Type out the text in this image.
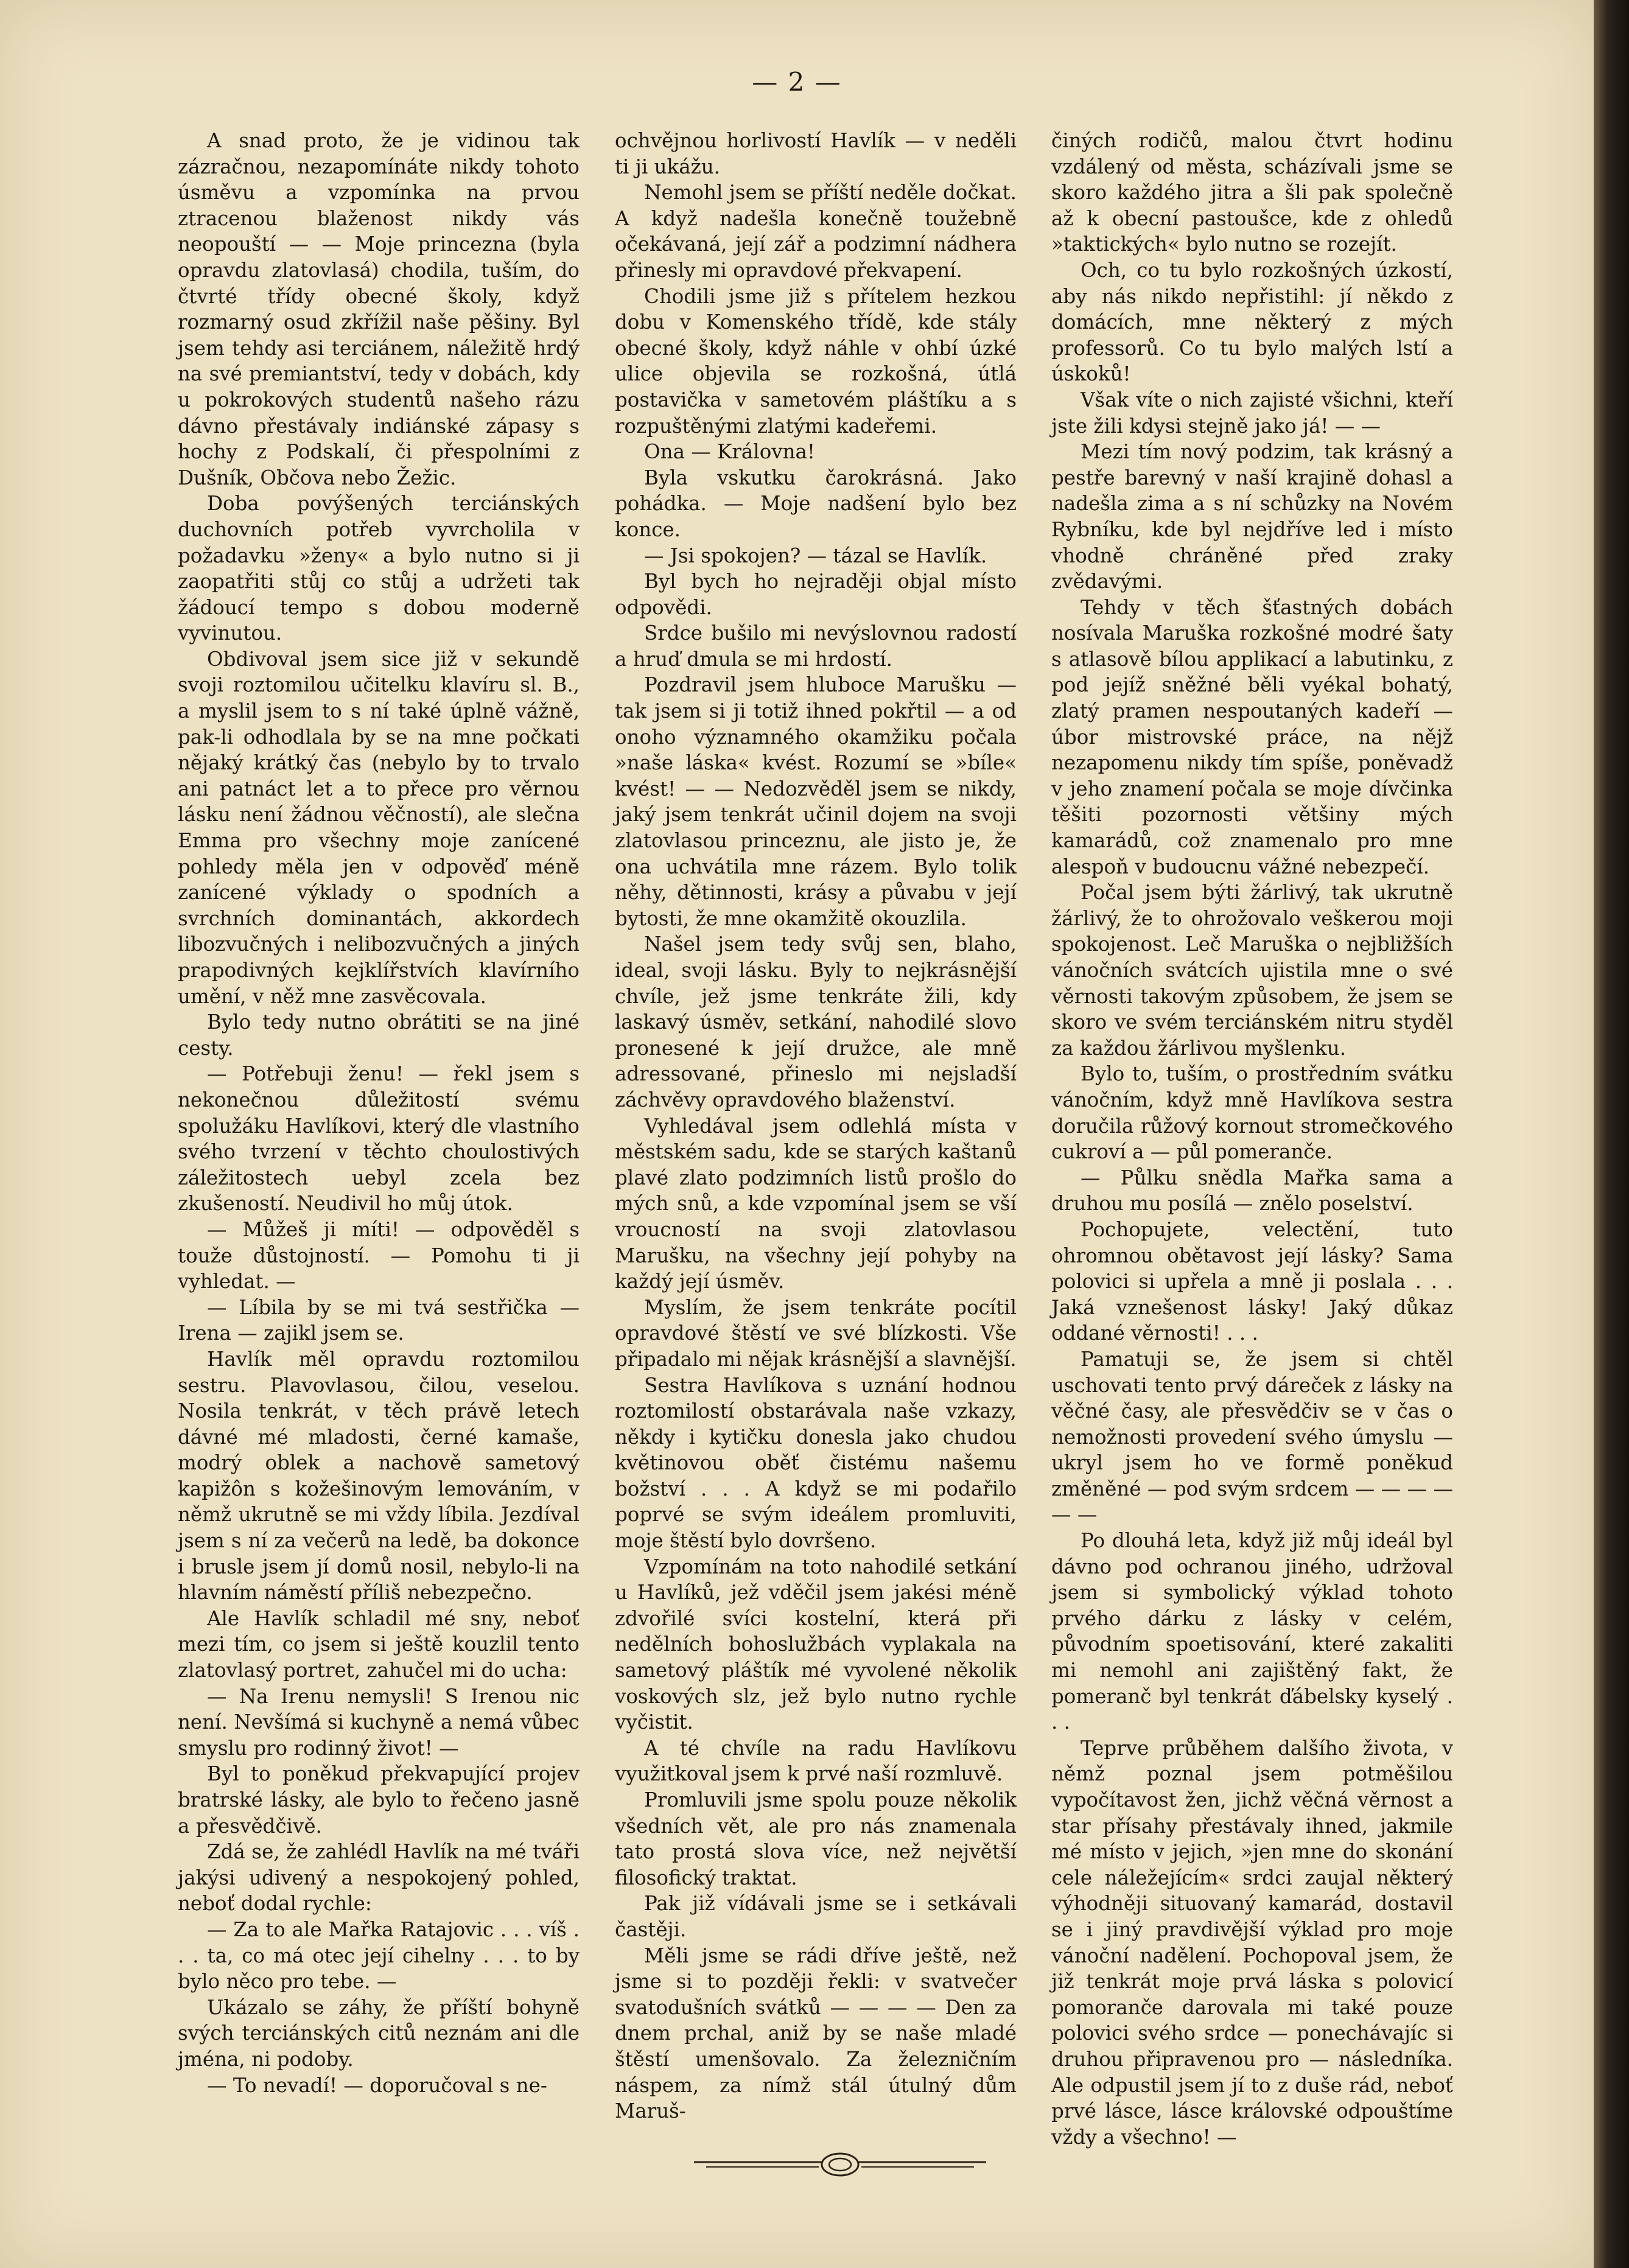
— 2 —

A snad proto, že je vidinou tak zázračnou, nezapomínáte nikdy tohoto úsměvu a vzpomínka na prvou ztracenou blaženost nikdy vás neopouští — — Moje princezna (byla opravdu zlatovlasá) chodila, tuším, do čtvrté třídy obecné školy, když rozmarný osud zkřížil naše pěšiny. Byl jsem tehdy asi terciánem, náležitě hrdý na své premiantství, tedy v dobách, kdy u pokrokových studentů našeho rázu dávno přestávaly indiánské zápasy s hochy z Podskalí, či přespolními z Dušník, Občova nebo Žežic.

Doba povýšených terciánských duchovních potřeb vyvrcholila v požadavku »ženy« a bylo nutno si ji zaopatřiti stůj co stůj a udržeti tak žádoucí tempo s dobou moderně vyvinutou.

Obdivoval jsem sice již v sekundě svoji roztomilou učitelku klavíru sl. B., a myslil jsem to s ní také úplně vážně, pak-li odhodlala by se na mne počkati nějaký krátký čas (nebylo by to trvalo ani patnáct let a to přece pro věrnou lásku není žádnou věčností), ale slečna Emma pro všechny moje zanícené pohledy měla jen v odpověď méně zanícené výklady o spodních a svrchních dominantách, akkordech libozvučných i nelibozvučných a jiných prapodivných kejklířstvích klavírního umění, v něž mne zasvěcovala.

Bylo tedy nutno obrátiti se na jiné cesty.

— Potřebuji ženu! — řekl jsem s nekonečnou důležitostí svému spolužáku Havlíkovi, který dle vlastního svého tvrzení v těchto choulostivých záležitostech uebyl zcela bez zkušeností. Neudivil ho můj útok.

— Můžeš ji míti! — odpověděl s touže důstojností. — Pomohu ti ji vyhledat. —

— Líbila by se mi tvá sestřička — Irena — zajikl jsem se.

Havlík měl opravdu roztomilou sestru. Plavovlasou, čilou, veselou. Nosila tenkrát, v těch právě letech dávné mé mladosti, černé kamaše, modrý oblek a nachově sametový kapižôn s kožešinovým lemováním, v němž ukrutně se mi vždy líbila. Jezdíval jsem s ní za večerů na ledě, ba dokonce i brusle jsem jí domů nosil, nebylo-li na hlavním náměstí příliš nebezpečno.

Ale Havlík schladil mé sny, neboť mezi tím, co jsem si ještě kouzlil tento zlatovlasý portret, zahučel mi do ucha:

— Na Irenu nemysli! S Irenou nic není. Nevšímá si kuchyně a nemá vůbec smyslu pro rodinný život! —

Byl to poněkud překvapující projev bratrské lásky, ale bylo to řečeno jasně a přesvědčivě.

Zdá se, že zahlédl Havlík na mé tváři jakýsi udivený a nespokojený pohled, neboť dodal rychle:

— Za to ale Mařka Ratajovic . . . víš . . . ta, co má otec její cihelny . . . to by bylo něco pro tebe. —

Ukázalo se záhy, že příští bohyně svých terciánských citů neznám ani dle jména, ni podoby.

— To nevadí! — doporučoval s ne-

ochvějnou horlivostí Havlík — v neděli ti ji ukážu.

Nemohl jsem se příští neděle dočkat. A když nadešla konečně toužebně očekávaná, její zář a podzimní nádhera přinesly mi opravdové překvapení.

Chodili jsme již s přítelem hezkou dobu v Komenského třídě, kde stály obecné školy, když náhle v ohbí úzké ulice objevila se rozkošná, útlá postavička v sametovém pláštíku a s rozpuštěnými zlatými kadeřemi.

Ona — Královna!

Byla vskutku čarokrásná. Jako pohádka. — Moje nadšení bylo bez konce.

— Jsi spokojen? — tázal se Havlík.

Byl bych ho nejraději objal místo odpovědi.

Srdce bušilo mi nevýslovnou radostí a hruď dmula se mi hrdostí.

Pozdravil jsem hluboce Marušku — tak jsem si ji totiž ihned pokřtil — a od onoho významného okamžiku počala »naše láska« kvést. Rozumí se »bíle« kvést! — — Nedozvěděl jsem se nikdy, jaký jsem tenkrát učinil dojem na svoji zlatovlasou princeznu, ale jisto je, že ona uchvátila mne rázem. Bylo tolik něhy, dětinnosti, krásy a půvabu v její bytosti, že mne okamžitě okouzlila.

Našel jsem tedy svůj sen, blaho, ideal, svoji lásku. Byly to nejkrásnější chvíle, jež jsme tenkráte žili, kdy laskavý úsměv, setkání, nahodilé slovo pronesené k její družce, ale mně adressované, přineslo mi nejsladší záchvěvy opravdového blaženství.

Vyhledával jsem odlehlá místa v městském sadu, kde se starých kaštanů plavé zlato podzimních listů prošlo do mých snů, a kde vzpomínal jsem se vší vroucností na svoji zlatovlasou Marušku, na všechny její pohyby na každý její úsměv.

Myslím, že jsem tenkráte pocítil opravdové štěstí ve své blízkosti. Vše připadalo mi nějak krásnější a slavnější.

Sestra Havlíkova s uznání hodnou roztomilostí obstarávala naše vzkazy, někdy i kytičku donesla jako chudou květinovou oběť čistému našemu božství . . . A když se mi podařilo poprvé se svým ideálem promluviti, moje štěstí bylo dovršeno.

Vzpomínám na toto nahodilé setkání u Havlíků, jež vděčil jsem jakési méně zdvořilé svíci kostelní, která při nedělních bohoslužbách vyplakala na sametový pláštík mé vyvolené několik voskových slz, jež bylo nutno rychle vyčistit.

A té chvíle na radu Havlíkovu využitkoval jsem k prvé naší rozmluvě.

Promluvili jsme spolu pouze několik všedních vět, ale pro nás znamenala tato prostá slova více, než největší filosofický traktat.

Pak již vídávali jsme se i setkávali častěji.

Měli jsme se rádi dříve ještě, než jsme si to později řekli: v svatvečer svatodušních svátků — — — — Den za dnem prchal, aniž by se naše mladé štěstí umenšovalo. Za železničním náspem, za nímž stál útulný dům Maruš-

činých rodičů, malou čtvrt hodinu vzdálený od města, scházívali jsme se skoro každého jitra a šli pak společně až k obecní pastoušce, kde z ohledů »taktických« bylo nutno se rozejít.

Och, co tu bylo rozkošných úzkostí, aby nás nikdo nepřistihl: jí někdo z domácích, mne některý z mých professorů. Co tu bylo malých lstí a úskoků!

Však víte o nich zajisté všichni, kteří jste žili kdysi stejně jako já! — —

Mezi tím nový podzim, tak krásný a pestře barevný v naší krajině dohasl a nadešla zima a s ní schůzky na Novém Rybníku, kde byl nejdříve led i místo vhodně chráněné před zraky zvědavými.

Tehdy v těch šťastných dobách nosívala Maruška rozkošné modré šaty s atlasově bílou applikací a labutinku, z pod jejíž sněžné běli vyékal bohatý, zlatý pramen nespoutaných kadeří — úbor mistrovské práce, na nějž nezapomenu nikdy tím spíše, poněvadž v jeho znamení počala se moje dívčinka těšiti pozornosti většiny mých kamarádů, což znamenalo pro mne alespoň v budoucnu vážné nebezpečí.

Počal jsem býti žárlivý, tak ukrutně žárlivý, že to ohrožovalo veškerou moji spokojenost. Leč Maruška o nejbližších vánočních svátcích ujistila mne o své věrnosti takovým způsobem, že jsem se skoro ve svém terciánském nitru styděl za každou žárlivou myšlenku.

Bylo to, tuším, o prostředním svátku vánočním, když mně Havlíkova sestra doručila růžový kornout stromečkového cukroví a — půl pomeranče.

— Půlku snědla Mařka sama a druhou mu posílá — znělo poselství.

Pochopujete, velectění, tuto ohromnou obětavost její lásky? Sama polovici si upřela a mně ji poslala . . . Jaká vznešenost lásky! Jaký důkaz oddané věrnosti! . . .

Pamatuji se, že jsem si chtěl uschovati tento prvý dáreček z lásky na věčné časy, ale přesvědčiv se v čas o nemožnosti provedení svého úmyslu — ukryl jsem ho ve formě poněkud změněné — pod svým srdcem — — — — — —

Po dlouhá leta, když již můj ideál byl dávno pod ochranou jiného, udržoval jsem si symbolický výklad tohoto prvého dárku z lásky v celém, původním spoetisování, které zakaliti mi nemohl ani zajištěný fakt, že pomeranč byl tenkrát ďábelsky kyselý . . .

Teprve průběhem dalšího života, v němž poznal jsem potměšilou vypočítavost žen, jichž věčná věrnost a star přísahy přestávaly ihned, jakmile mé místo v jejich, »jen mne do skonání cele náležejícím« srdci zaujal některý výhodněji situovaný kamarád, dostavil se i jiný pravdivější výklad pro moje vánoční nadělení. Pochopoval jsem, že již tenkrát moje prvá láska s polovicí pomoranče darovala mi také pouze polovici svého srdce — ponechávajíc si druhou připravenou pro — následníka. Ale odpustil jsem jí to z duše rád, neboť prvé lásce, lásce královské odpouštíme vždy a všechno! —
